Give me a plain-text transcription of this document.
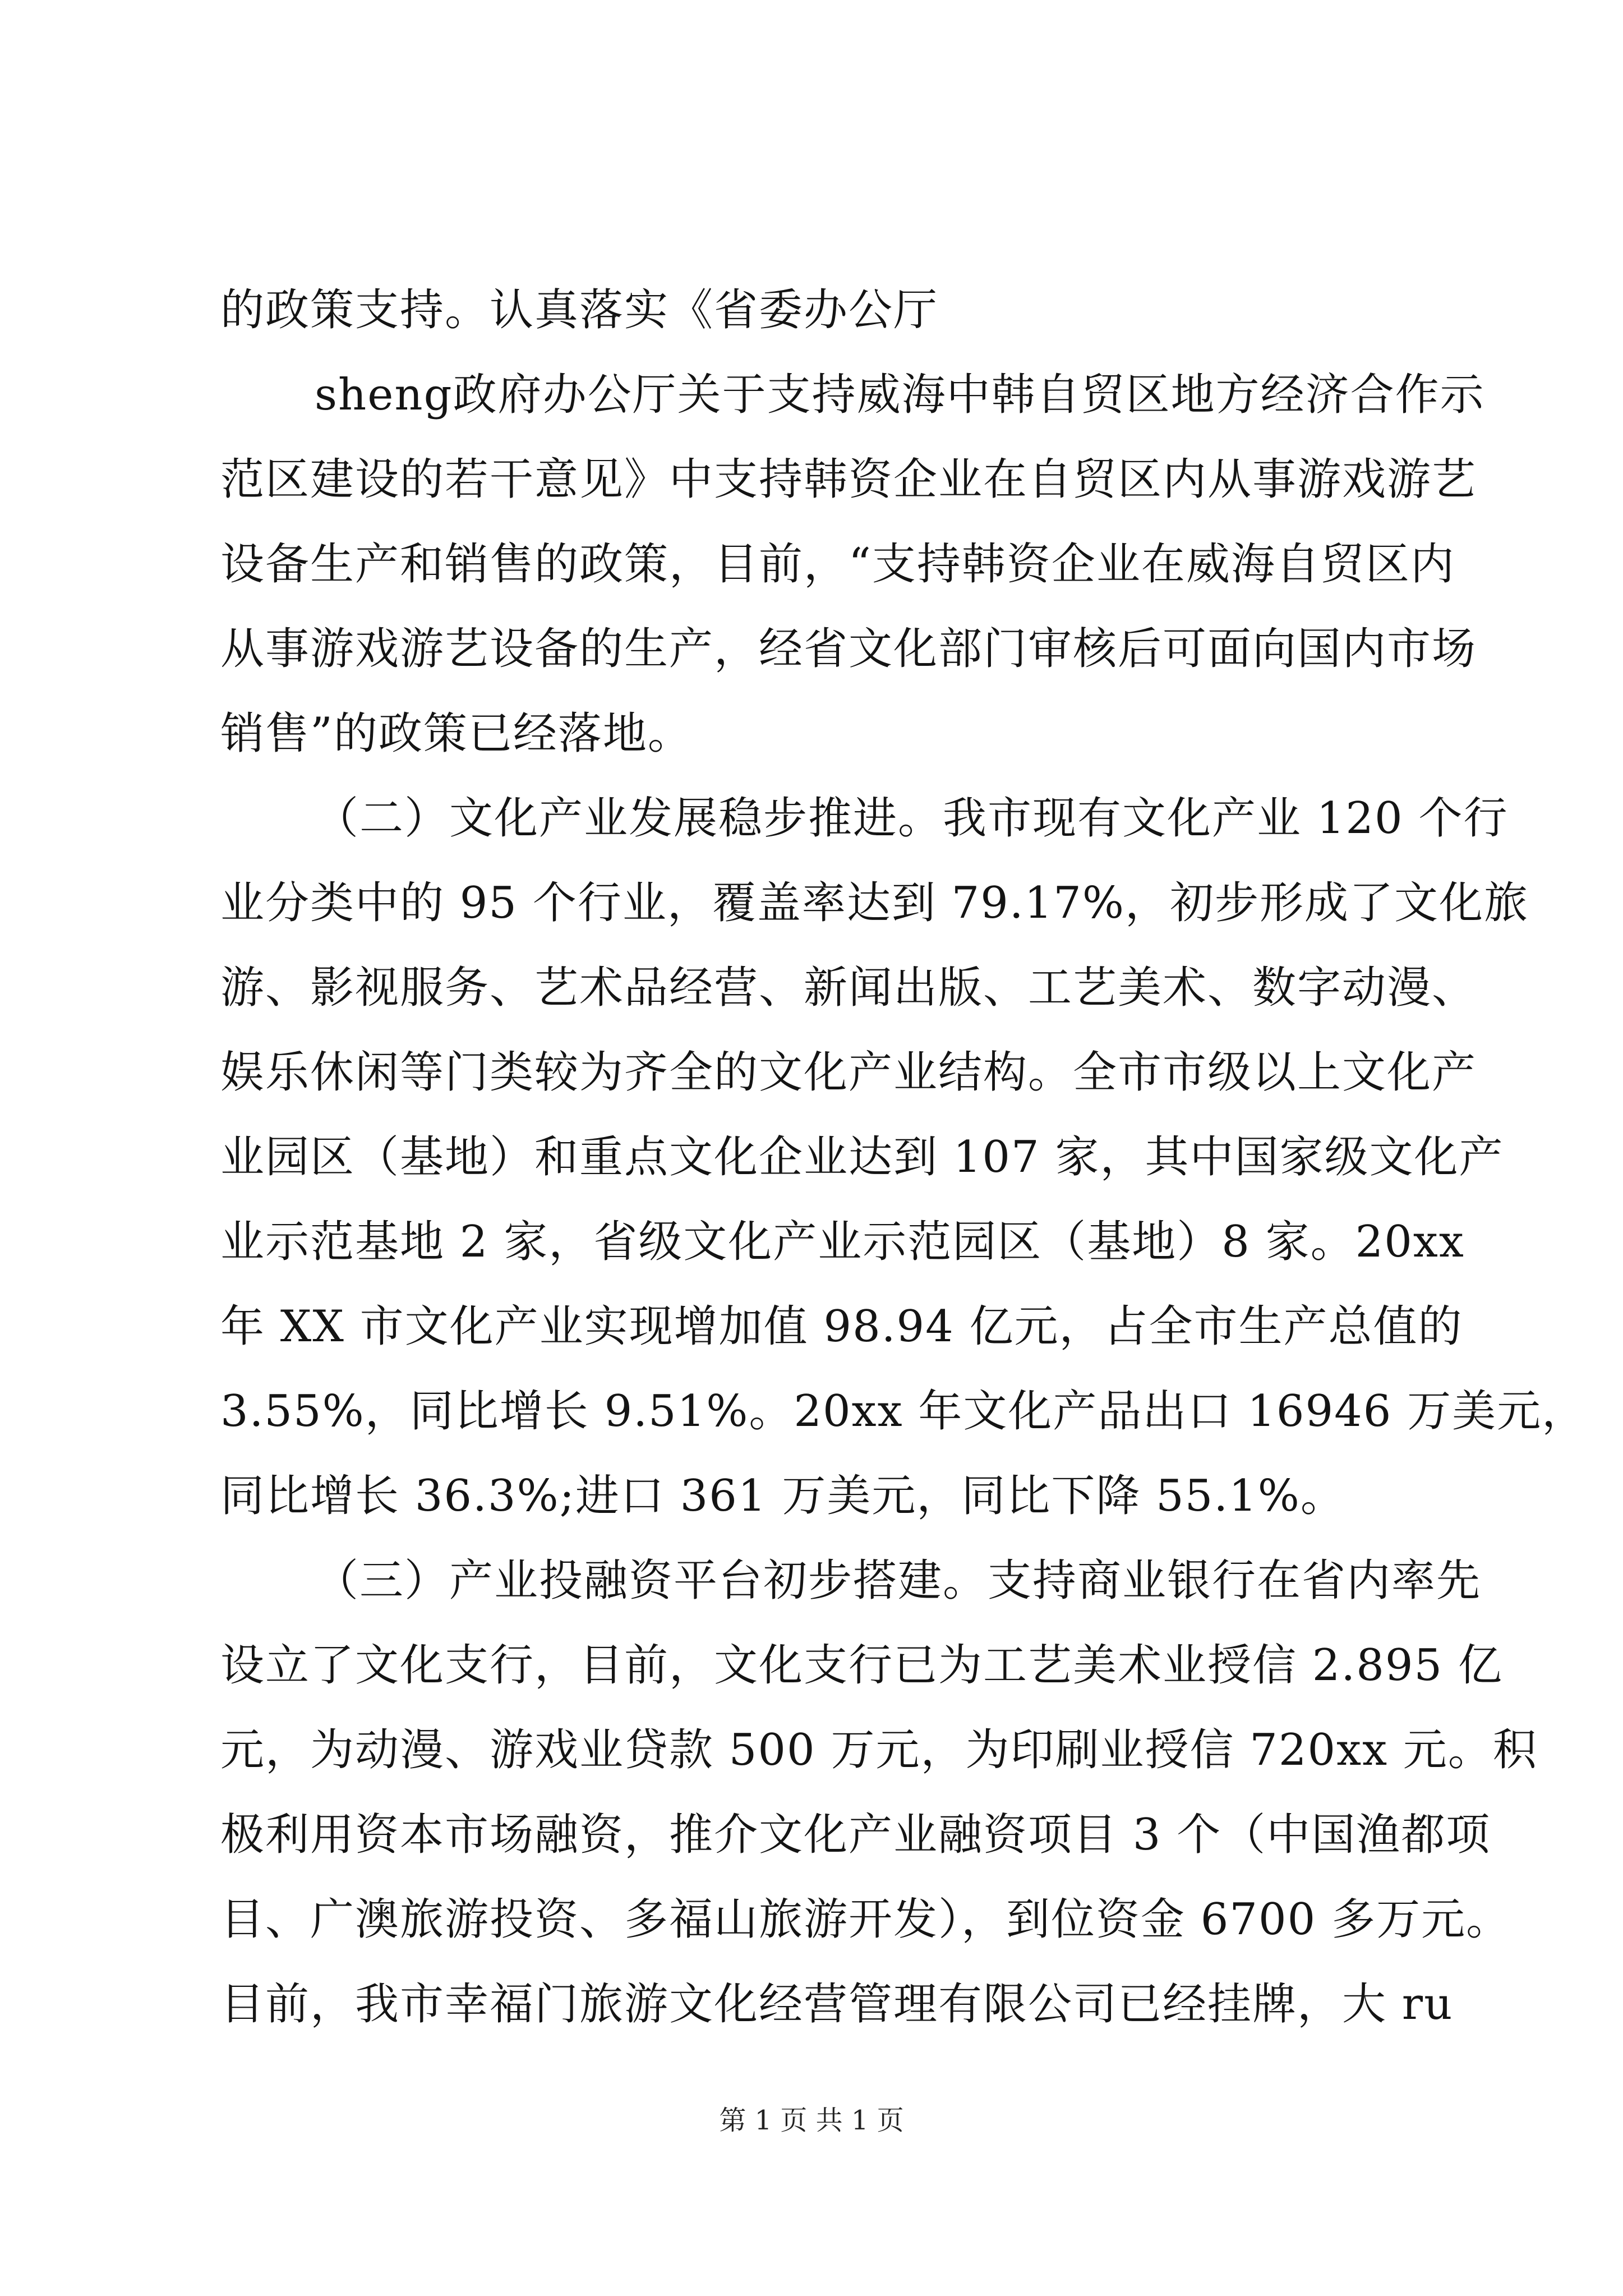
的政策支持。认真落实《省委办公厅
sheng政府办公厅关于支持威海中韩自贸区地方经济合作示
范区建设的若干意见》中支持韩资企业在自贸区内从事游戏游艺
设备生产和销售的政策，目前，“支持韩资企业在威海自贸区内
从事游戏游艺设备的生产，经省文化部门审核后可面向国内市场
销售”的政策已经落地。
（二）文化产业发展稳步推进。我市现有文化产业 120 个行
业分类中的 95 个行业，覆盖率达到 79.17%，初步形成了文化旅
游、影视服务、艺术品经营、新闻出版、工艺美术、数字动漫、
娱乐休闲等门类较为齐全的文化产业结构。全市市级以上文化产
业园区（基地）和重点文化企业达到 107 家，其中国家级文化产
业示范基地 2 家，省级文化产业示范园区（基地）8 家。20xx
年 XX 市文化产业实现增加值 98.94 亿元，占全市生产总值的
3.55%，同比增长 9.51%。20xx 年文化产品出口 16946 万美元，
同比增长 36.3%;进口 361 万美元，同比下降 55.1%。
（三）产业投融资平台初步搭建。支持商业银行在省内率先
设立了文化支行，目前，文化支行已为工艺美术业授信 2.895 亿
元，为动漫、游戏业贷款 500 万元，为印刷业授信 720xx 元。积
极利用资本市场融资，推介文化产业融资项目 3 个（中国渔都项
目、广澳旅游投资、多福山旅游开发），到位资金 6700 多万元。
目前，我市幸福门旅游文化经营管理有限公司已经挂牌，大 ru
第 1 页 共 1 页
